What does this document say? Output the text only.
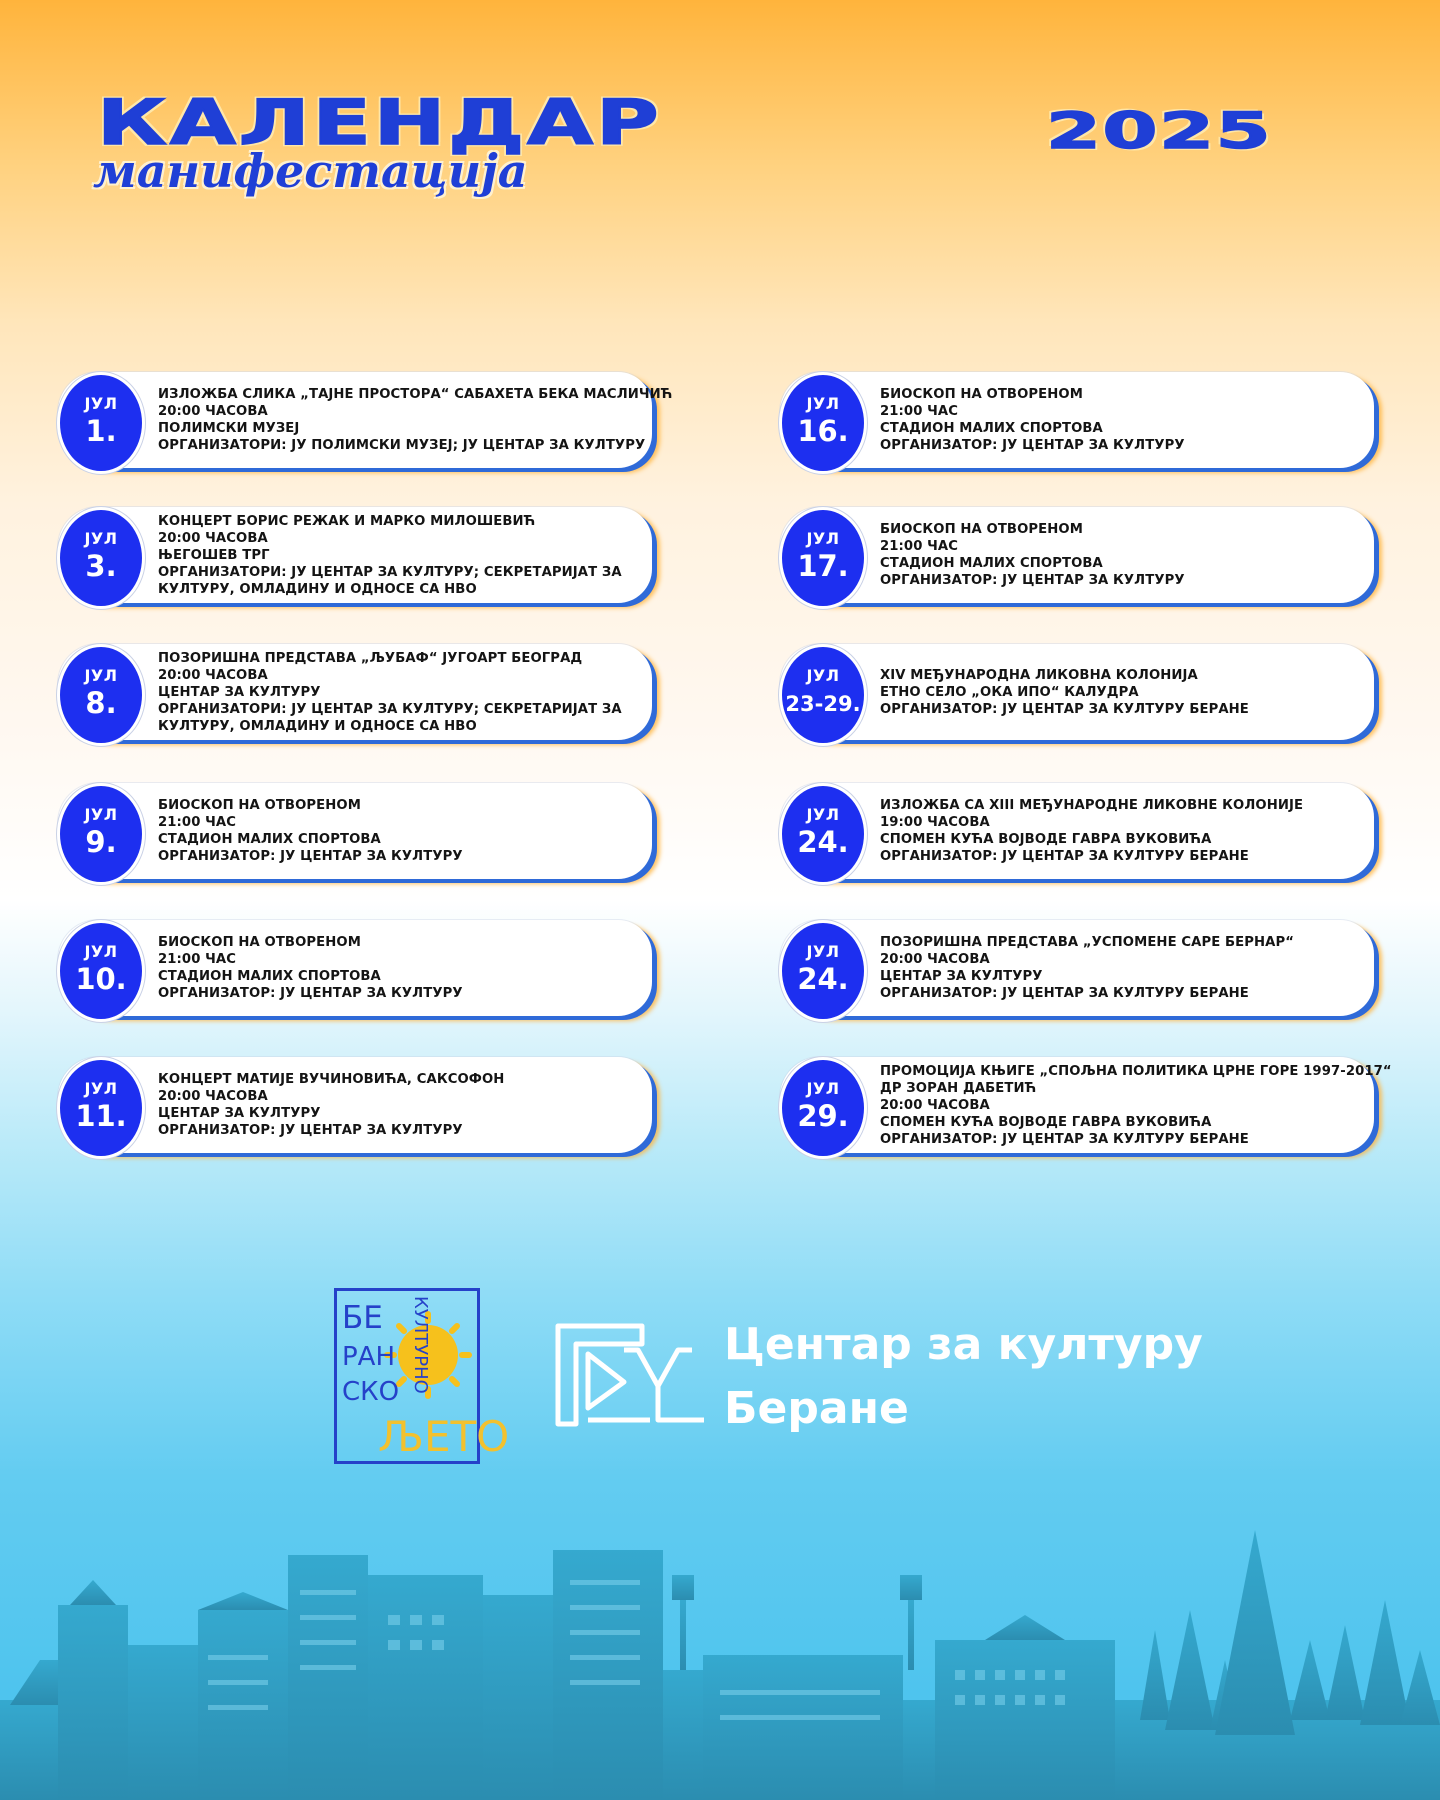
КАЛЕНДАР
манифестација
2025
ЈУЛ
1.
ИЗЛОЖБА СЛИКА „ТАЈНЕ ПРОСТОРА“ САБАХЕТА БЕКА МАСЛИЧИЋ
20:00 ЧАСОВА
ПОЛИМСКИ МУЗЕЈ
ОРГАНИЗАТОРИ: ЈУ ПОЛИМСКИ МУЗЕЈ; ЈУ ЦЕНТАР ЗА КУЛТУРУ
ЈУЛ
3.
КОНЦЕРТ БОРИС РЕЖАК И МАРКО МИЛОШЕВИЋ
20:00 ЧАСОВА
ЊЕГОШЕВ ТРГ
ОРГАНИЗАТОРИ: ЈУ ЦЕНТАР ЗА КУЛТУРУ; СЕКРЕТАРИЈАТ ЗА
КУЛТУРУ, ОМЛАДИНУ И ОДНОСЕ СА НВО
ЈУЛ
8.
ПОЗОРИШНА ПРЕДСТАВА „ЉУБАФ“ ЈУГОАРТ БЕОГРАД
20:00 ЧАСОВА
ЦЕНТАР ЗА КУЛТУРУ
ОРГАНИЗАТОРИ: ЈУ ЦЕНТАР ЗА КУЛТУРУ; СЕКРЕТАРИЈАТ ЗА
КУЛТУРУ, ОМЛАДИНУ И ОДНОСЕ СА НВО
ЈУЛ
9.
БИОСКОП НА ОТВОРЕНОМ
21:00 ЧАС
СТАДИОН МАЛИХ СПОРТОВА
ОРГАНИЗАТОР: ЈУ ЦЕНТАР ЗА КУЛТУРУ
ЈУЛ
10.
БИОСКОП НА ОТВОРЕНОМ
21:00 ЧАС
СТАДИОН МАЛИХ СПОРТОВА
ОРГАНИЗАТОР: ЈУ ЦЕНТАР ЗА КУЛТУРУ
ЈУЛ
11.
КОНЦЕРТ МАТИЈЕ ВУЧИНОВИЋА, САКСОФОН
20:00 ЧАСОВА
ЦЕНТАР ЗА КУЛТУРУ
ОРГАНИЗАТОР: ЈУ ЦЕНТАР ЗА КУЛТУРУ
ЈУЛ
16.
БИОСКОП НА ОТВОРЕНОМ
21:00 ЧАС
СТАДИОН МАЛИХ СПОРТОВА
ОРГАНИЗАТОР: ЈУ ЦЕНТАР ЗА КУЛТУРУ
ЈУЛ
17.
БИОСКОП НА ОТВОРЕНОМ
21:00 ЧАС
СТАДИОН МАЛИХ СПОРТОВА
ОРГАНИЗАТОР: ЈУ ЦЕНТАР ЗА КУЛТУРУ
ЈУЛ
23-29.
XIV МЕЂУНАРОДНА ЛИКОВНА КОЛОНИЈА
ЕТНО СЕЛО „ОКА ИПО“ КАЛУДРА
ОРГАНИЗАТОР: ЈУ ЦЕНТАР ЗА КУЛТУРУ БЕРАНЕ
ЈУЛ
24.
ИЗЛОЖБА СА XIII МЕЂУНАРОДНЕ ЛИКОВНЕ КОЛОНИЈЕ
19:00 ЧАСОВА
СПОМЕН КУЋА ВОЈВОДЕ ГАВРА ВУКОВИЋА
ОРГАНИЗАТОР: ЈУ ЦЕНТАР ЗА КУЛТУРУ БЕРАНЕ
ЈУЛ
24.
ПОЗОРИШНА ПРЕДСТАВА „УСПОМЕНЕ САРЕ БЕРНАР“
20:00 ЧАСОВА
ЦЕНТАР ЗА КУЛТУРУ
ОРГАНИЗАТОР: ЈУ ЦЕНТАР ЗА КУЛТУРУ БЕРАНЕ
ЈУЛ
29.
ПРОМОЦИЈА КЊИГЕ „СПОЉНА ПОЛИТИКА ЦРНЕ ГОРЕ 1997-2017“
ДР ЗОРАН ДАБЕТИЋ
20:00 ЧАСОВА
СПОМЕН КУЋА ВОЈВОДЕ ГАВРА ВУКОВИЋА
ОРГАНИЗАТОР: ЈУ ЦЕНТАР ЗА КУЛТУРУ БЕРАНЕ
БЕ
РАН
СКО КУЛТУРНО
ЉЕТО
Центар за културу
Беране
